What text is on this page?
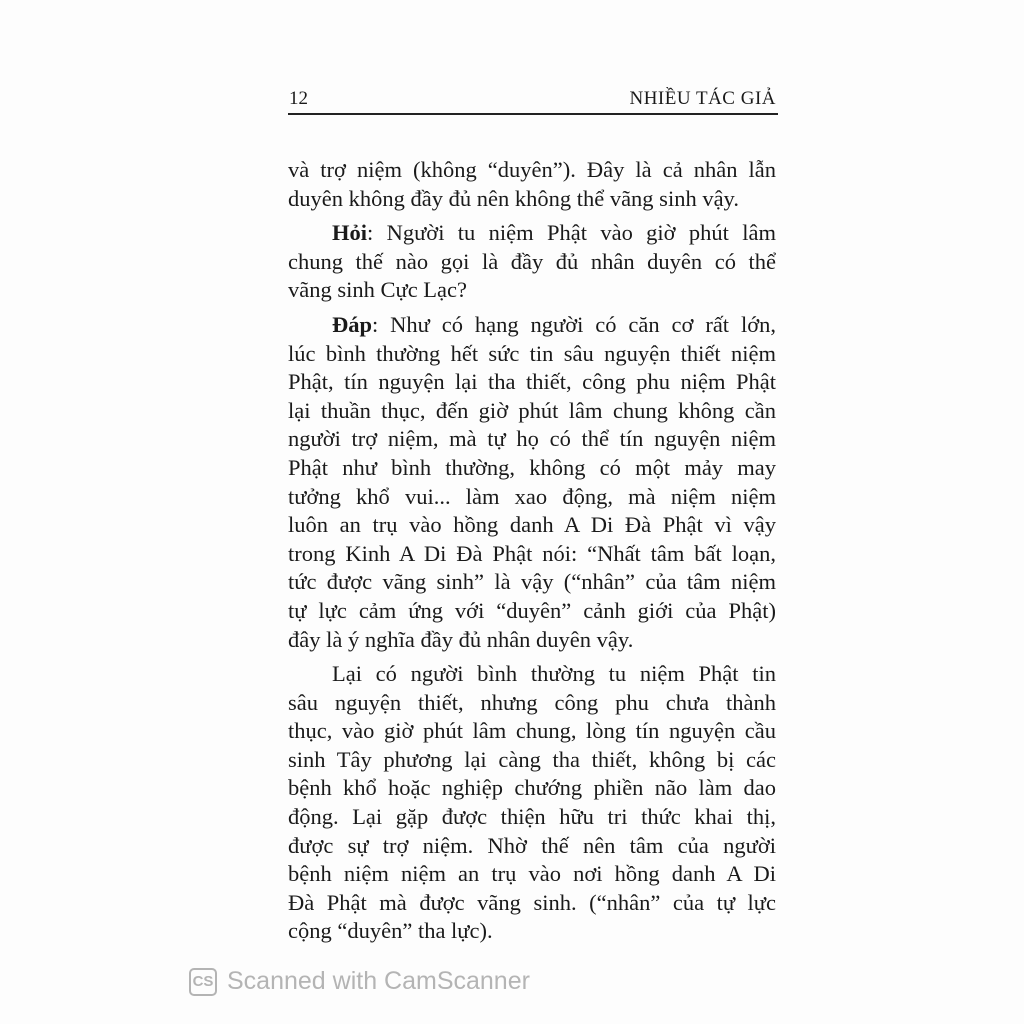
12	NHIỀU TÁC GIẢ
và trợ niệm (không “duyên”). Đây là cả nhân lẫn
duyên không đầy đủ nên không thể vãng sinh vậy.
Hỏi: Người tu niệm Phật vào giờ phút lâm
chung thế nào gọi là đầy đủ nhân duyên có thể
vãng sinh Cực Lạc?
Đáp: Như có hạng người có căn cơ rất lớn,
lúc bình thường hết sức tin sâu nguyện thiết niệm
Phật, tín nguyện lại tha thiết, công phu niệm Phật
lại thuần thục, đến giờ phút lâm chung không cần
người trợ niệm, mà tự họ có thể tín nguyện niệm
Phật như bình thường, không có một mảy may
tưởng khổ vui... làm xao động, mà niệm niệm
luôn an trụ vào hồng danh A Di Đà Phật vì vậy
trong Kinh A Di Đà Phật nói: “Nhất tâm bất loạn,
tức được vãng sinh” là vậy (“nhân” của tâm niệm
tự lực cảm ứng với “duyên” cảnh giới của Phật)
đây là ý nghĩa đầy đủ nhân duyên vậy.
Lại có người bình thường tu niệm Phật tin
sâu nguyện thiết, nhưng công phu chưa thành
thục, vào giờ phút lâm chung, lòng tín nguyện cầu
sinh Tây phương lại càng tha thiết, không bị các
bệnh khổ hoặc nghiệp chướng phiền não làm dao
động. Lại gặp được thiện hữu tri thức khai thị,
được sự trợ niệm. Nhờ thế nên tâm của người
bệnh niệm niệm an trụ vào nơi hồng danh A Di
Đà Phật mà được vãng sinh. (“nhân” của tự lực
cộng “duyên” tha lực).
CS Scanned with CamScanner
